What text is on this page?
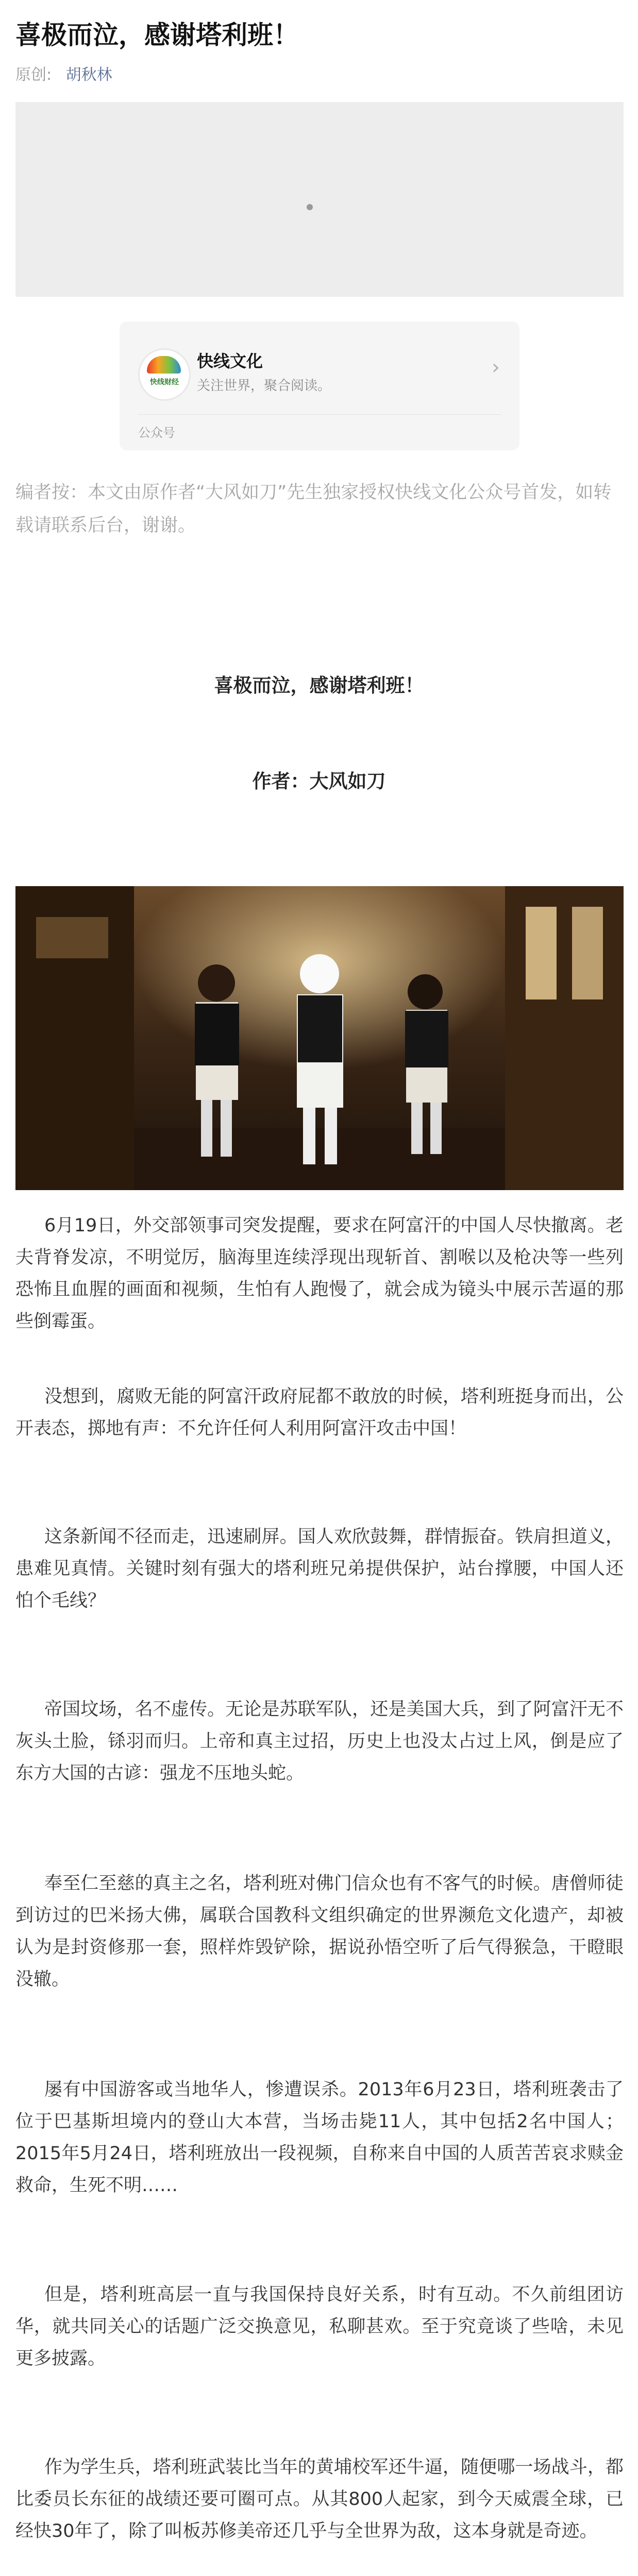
喜极而泣，感谢塔利班！
原创: 胡秋林
快线财经
快线文化
关注世界，聚合阅读。
›
公众号
编者按：本文由原作者“大风如刀”先生独家授权快线文化公众号首发，如转载请联系后台，谢谢。
喜极而泣，感谢塔利班！
作者：大风如刀

6月19日，外交部领事司突发提醒，要求在阿富汗的中国人尽快撤离。老夫背脊发凉，不明觉厉，脑海里连续浮现出现斩首、割喉以及枪决等一些列恐怖且血腥的画面和视频，生怕有人跑慢了，就会成为镜头中展示苦逼的那些倒霉蛋。

没想到，腐败无能的阿富汗政府屁都不敢放的时候，塔利班挺身而出，公开表态，掷地有声：不允许任何人利用阿富汗攻击中国！

这条新闻不径而走，迅速刷屏。国人欢欣鼓舞，群情振奋。铁肩担道义，患难见真情。关键时刻有强大的塔利班兄弟提供保护，站台撑腰，中国人还怕个毛线？

帝国坟场，名不虚传。无论是苏联军队，还是美国大兵，到了阿富汗无不灰头土脸，铩羽而归。上帝和真主过招，历史上也没太占过上风，倒是应了东方大国的古谚：强龙不压地头蛇。

奉至仁至慈的真主之名，塔利班对佛门信众也有不客气的时候。唐僧师徒到访过的巴米扬大佛，属联合国教科文组织确定的世界濒危文化遗产，却被认为是封资修那一套，照样炸毁铲除，据说孙悟空听了后气得猴急，干瞪眼没辙。

屡有中国游客或当地华人，惨遭误杀。2013年6月23日，塔利班袭击了位于巴基斯坦境内的登山大本营，当场击毙11人，其中包括2名中国人；2015年5月24日，塔利班放出一段视频，自称来自中国的人质苦苦哀求赎金救命，生死不明……

但是，塔利班高层一直与我国保持良好关系，时有互动。不久前组团访华，就共同关心的话题广泛交换意见，私聊甚欢。至于究竟谈了些啥，未见更多披露。

作为学生兵，塔利班武装比当年的黄埔校军还牛逼，随便哪一场战斗，都比委员长东征的战绩还要可圈可点。从其800人起家，到今天威震全球，已经快30年了，除了叫板苏修美帝还几乎与全世界为敌，这本身就是奇迹。
